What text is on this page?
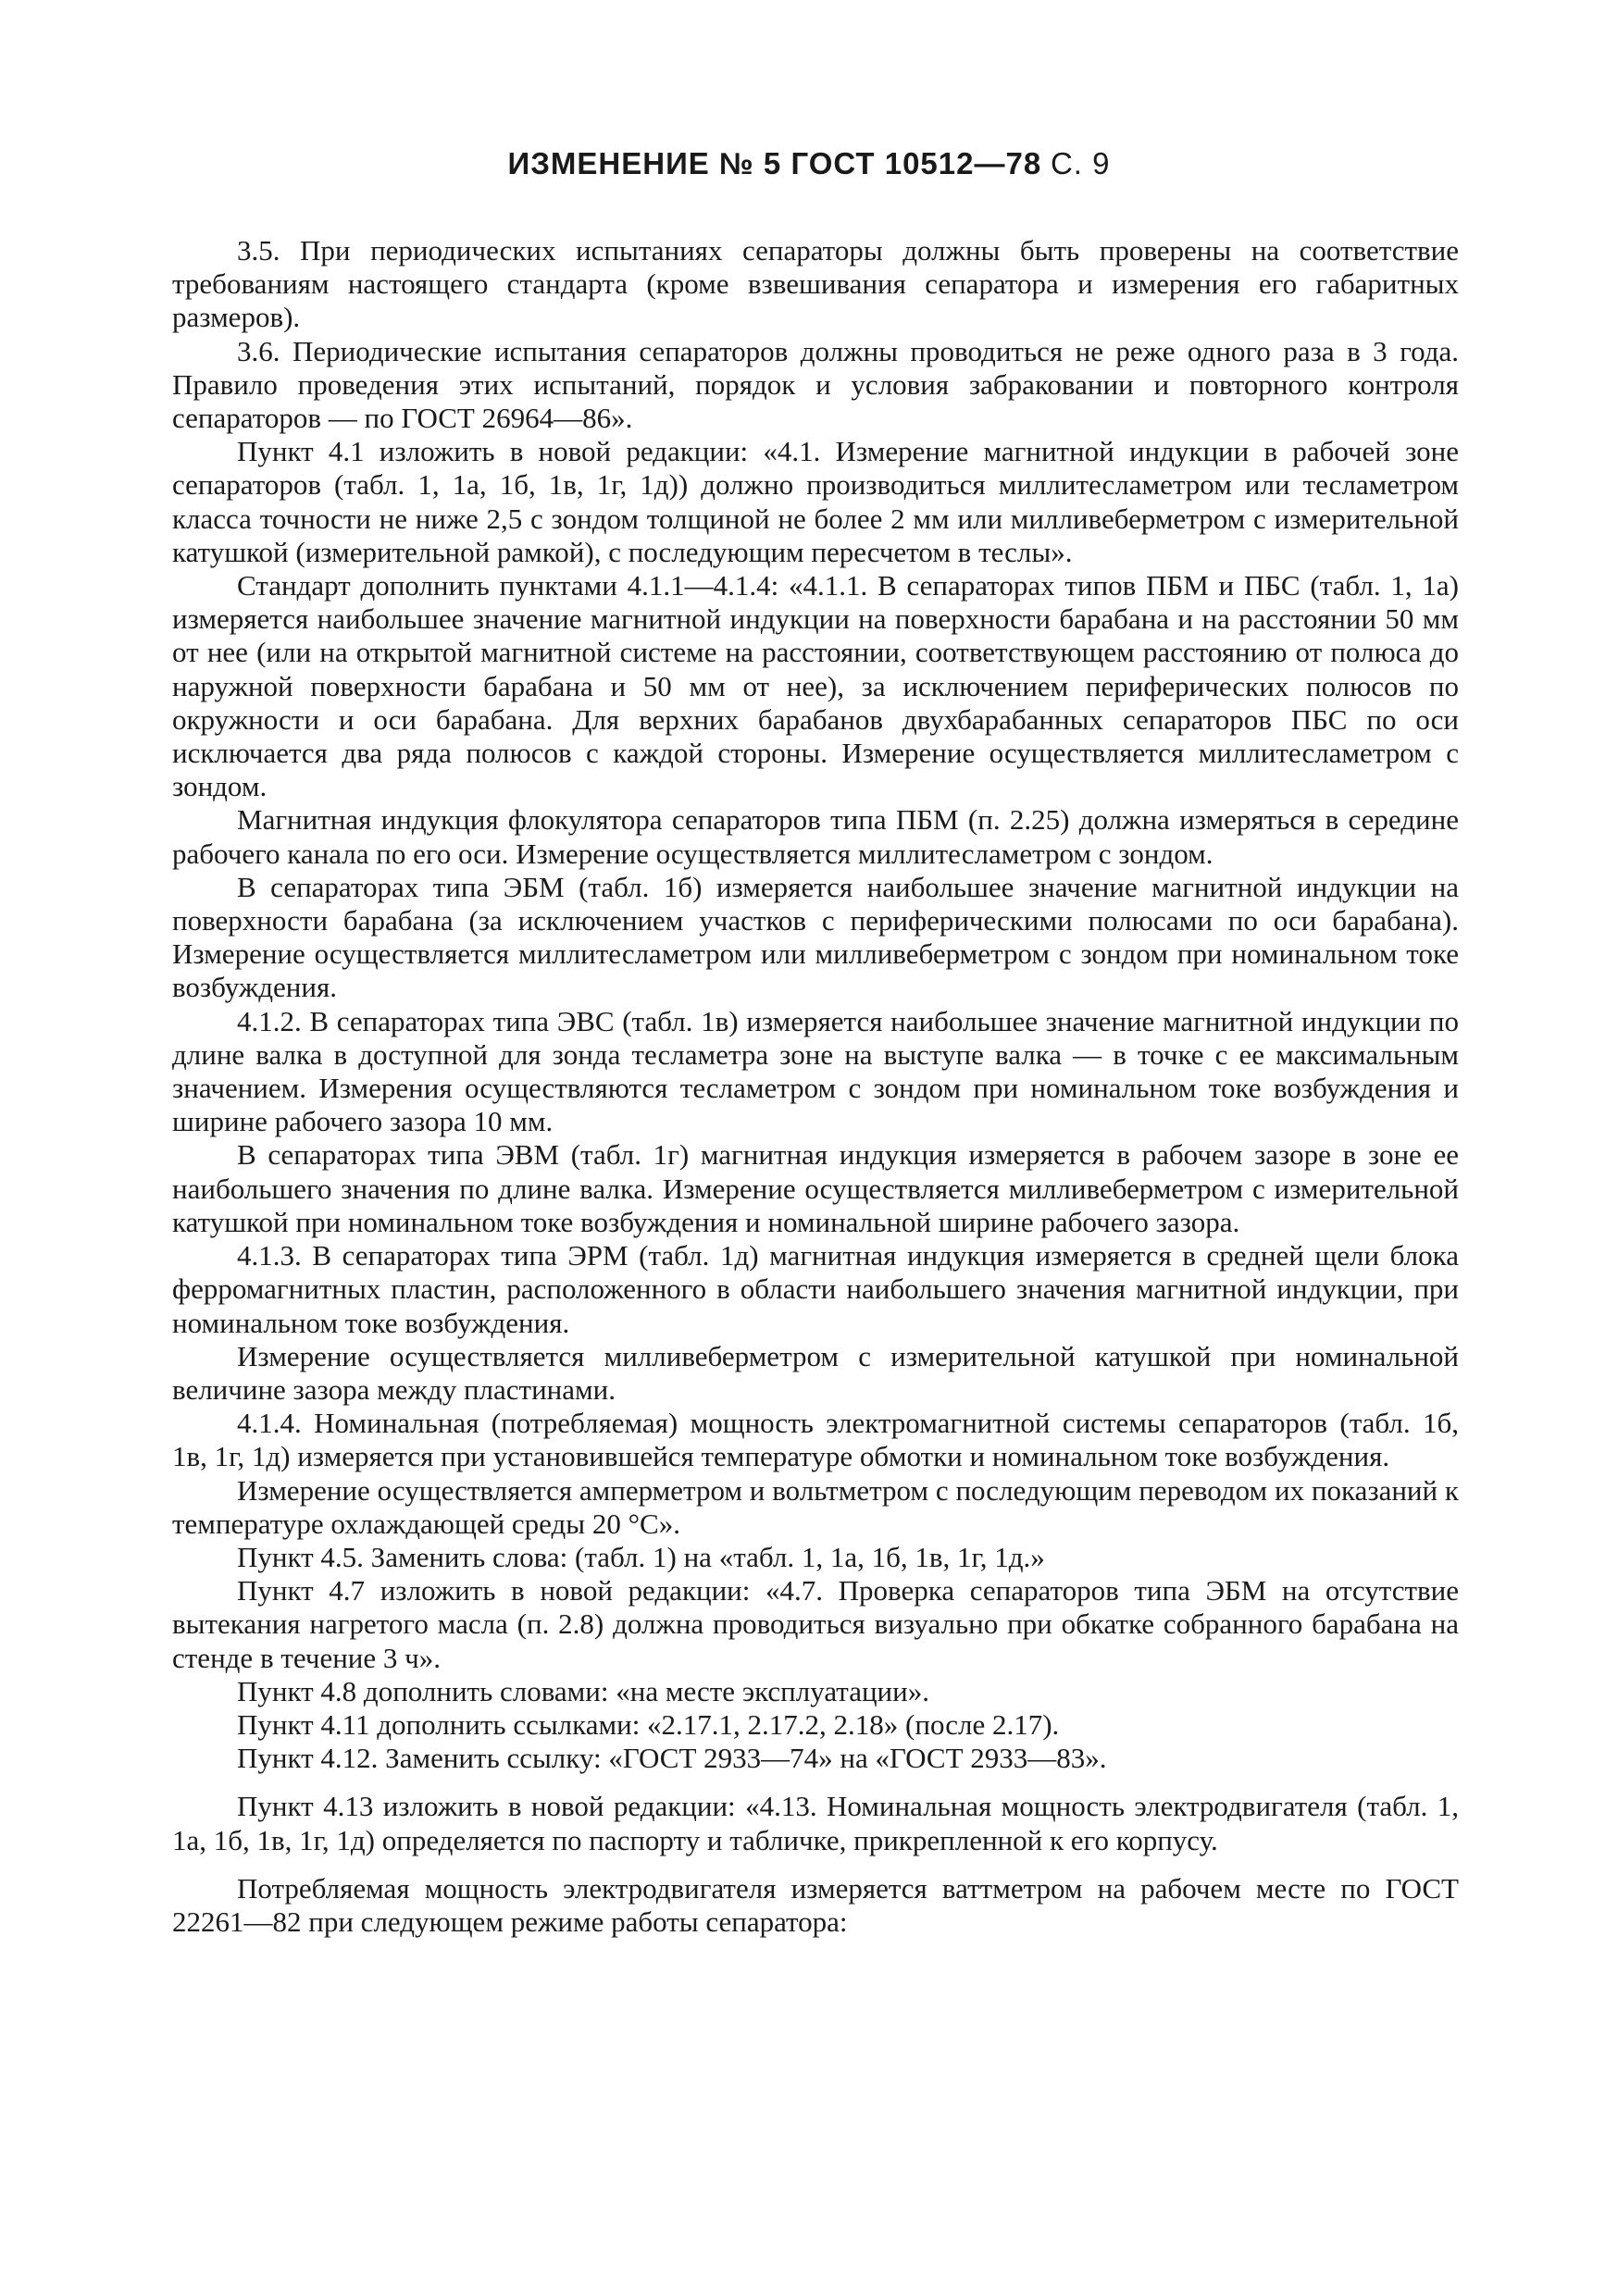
ИЗМЕНЕНИЕ № 5 ГОСТ 10512—78 С. 9

3.5. При периодических испытаниях сепараторы должны быть проверены на соответствие требованиям настоящего стандарта (кроме взвешивания сепаратора и измерения его габаритных размеров).

3.6. Периодические испытания сепараторов должны проводиться не реже одного раза в 3 года. Правило проведения этих испытаний, порядок и условия забраковании и повторного контроля сепараторов — по ГОСТ 26964—86».

Пункт 4.1 изложить в новой редакции: «4.1. Измерение магнитной индукции в рабочей зоне сепараторов (табл. 1, 1а, 1б, 1в, 1г, 1д)) должно производиться миллитесламетром или тесламетром класса точности не ниже 2,5 с зондом толщиной не более 2 мм или милливеберметром с измерительной катушкой (измерительной рамкой), с последующим пересчетом в теслы».

Стандарт дополнить пунктами 4.1.1—4.1.4: «4.1.1. В сепараторах типов ПБМ и ПБС (табл. 1, 1а) измеряется наибольшее значение магнитной индукции на поверхности барабана и на расстоянии 50 мм от нее (или на открытой магнитной системе на расстоянии, соответствующем расстоянию от полюса до наружной поверхности барабана и 50 мм от нее), за исключением периферических полюсов по окружности и оси барабана. Для верхних барабанов двухбарабанных сепараторов ПБС по оси исключается два ряда полюсов с каждой стороны. Измерение осуществляется миллитесламетром с зондом.

Магнитная индукция флокулятора сепараторов типа ПБМ (п. 2.25) должна измеряться в середине рабочего канала по его оси. Измерение осуществляется миллитесламетром с зондом.

В сепараторах типа ЭБМ (табл. 1б) измеряется наибольшее значение магнитной индукции на поверхности барабана (за исключением участков с периферическими полюсами по оси барабана). Измерение осуществляется миллитесламетром или милливеберметром с зондом при номинальном токе возбуждения.

4.1.2. В сепараторах типа ЭВС (табл. 1в) измеряется наибольшее значение магнитной индукции по длине валка в доступной для зонда тесламетра зоне на выступе валка — в точке с ее максимальным значением. Измерения осуществляются тесламетром с зондом при номинальном токе возбуждения и ширине рабочего зазора 10 мм.

В сепараторах типа ЭВМ (табл. 1г) магнитная индукция измеряется в рабочем зазоре в зоне ее наибольшего значения по длине валка. Измерение осуществляется милливеберметром с измерительной катушкой при номинальном токе возбуждения и номинальной ширине рабочего зазора.

4.1.3. В сепараторах типа ЭРМ (табл. 1д) магнитная индукция измеряется в средней щели блока ферромагнитных пластин, расположенного в области наибольшего значения магнитной индукции, при номинальном токе возбуждения.

Измерение осуществляется милливеберметром с измерительной катушкой при номинальной величине зазора между пластинами.

4.1.4. Номинальная (потребляемая) мощность электромагнитной системы сепараторов (табл. 1б, 1в, 1г, 1д) измеряется при установившейся температуре обмотки и номинальном токе возбуждения.

Измерение осуществляется амперметром и вольтметром с последующим переводом их показаний к температуре охлаждающей среды 20 °С».

Пункт 4.5. Заменить слова: (табл. 1) на «табл. 1, 1а, 1б, 1в, 1г, 1д.»

Пункт 4.7 изложить в новой редакции: «4.7. Проверка сепараторов типа ЭБМ на отсутствие вытекания нагретого масла (п. 2.8) должна проводиться визуально при обкатке собранного барабана на стенде в течение 3 ч».

Пункт 4.8 дополнить словами: «на месте эксплуатации».

Пункт 4.11 дополнить ссылками: «2.17.1, 2.17.2, 2.18» (после 2.17).

Пункт 4.12. Заменить ссылку: «ГОСТ 2933—74» на «ГОСТ 2933—83».

Пункт 4.13 изложить в новой редакции: «4.13. Номинальная мощность электродвигателя (табл. 1, 1а, 1б, 1в, 1г, 1д) определяется по паспорту и табличке, прикрепленной к его корпусу.

Потребляемая мощность электродвигателя измеряется ваттметром на рабочем месте по ГОСТ 22261—82 при следующем режиме работы сепаратора:
